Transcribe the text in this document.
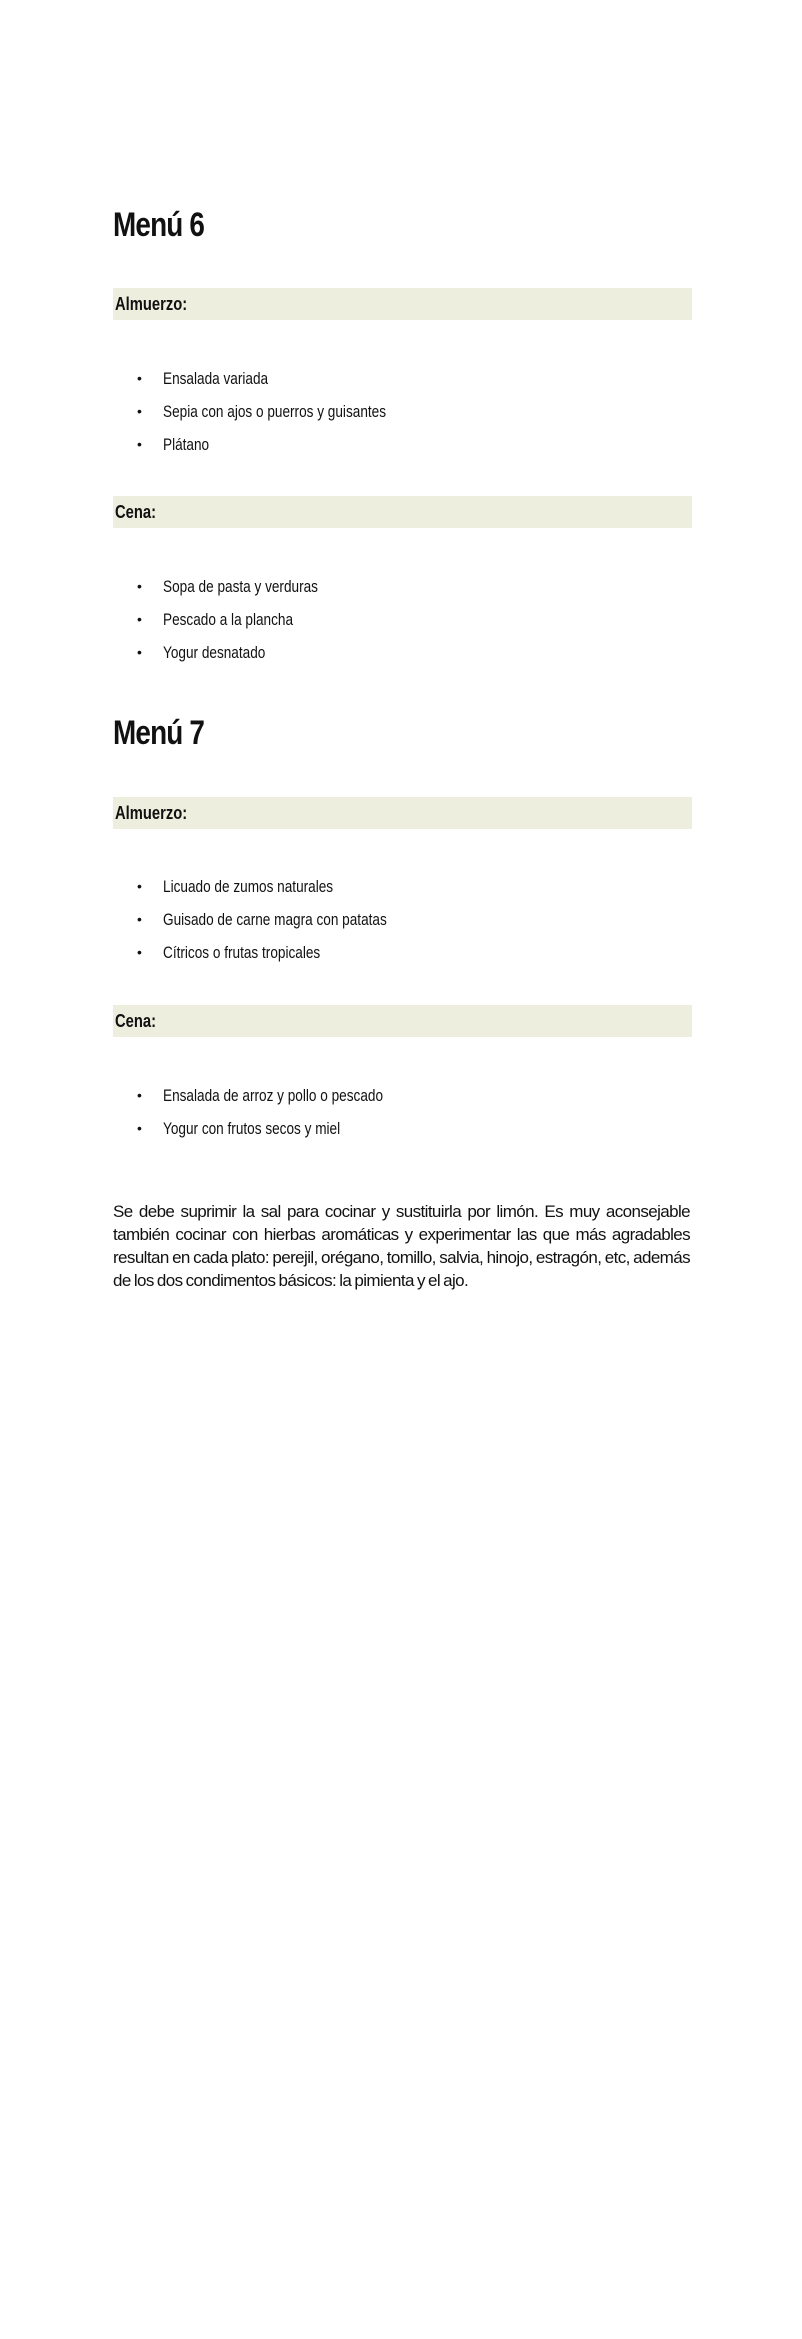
Menú 6
Almuerzo:
• Ensalada variada
• Sepia con ajos o puerros y guisantes
• Plátano
Cena:
• Sopa de pasta y verduras
• Pescado a la plancha
• Yogur desnatado
Menú 7
Almuerzo:
• Licuado de zumos naturales
• Guisado de carne magra con patatas
• Cítricos o frutas tropicales
Cena:
• Ensalada de arroz y pollo o pescado
• Yogur con frutos secos y miel

Se debe suprimir la sal para cocinar y sustituirla por limón. Es muy aconsejable también cocinar con hierbas aromáticas y experimentar las que más agradables resultan en cada plato: perejil, orégano, tomillo, salvia, hinojo, estragón, etc, además de los dos condimentos básicos: la pimienta y el ajo.
